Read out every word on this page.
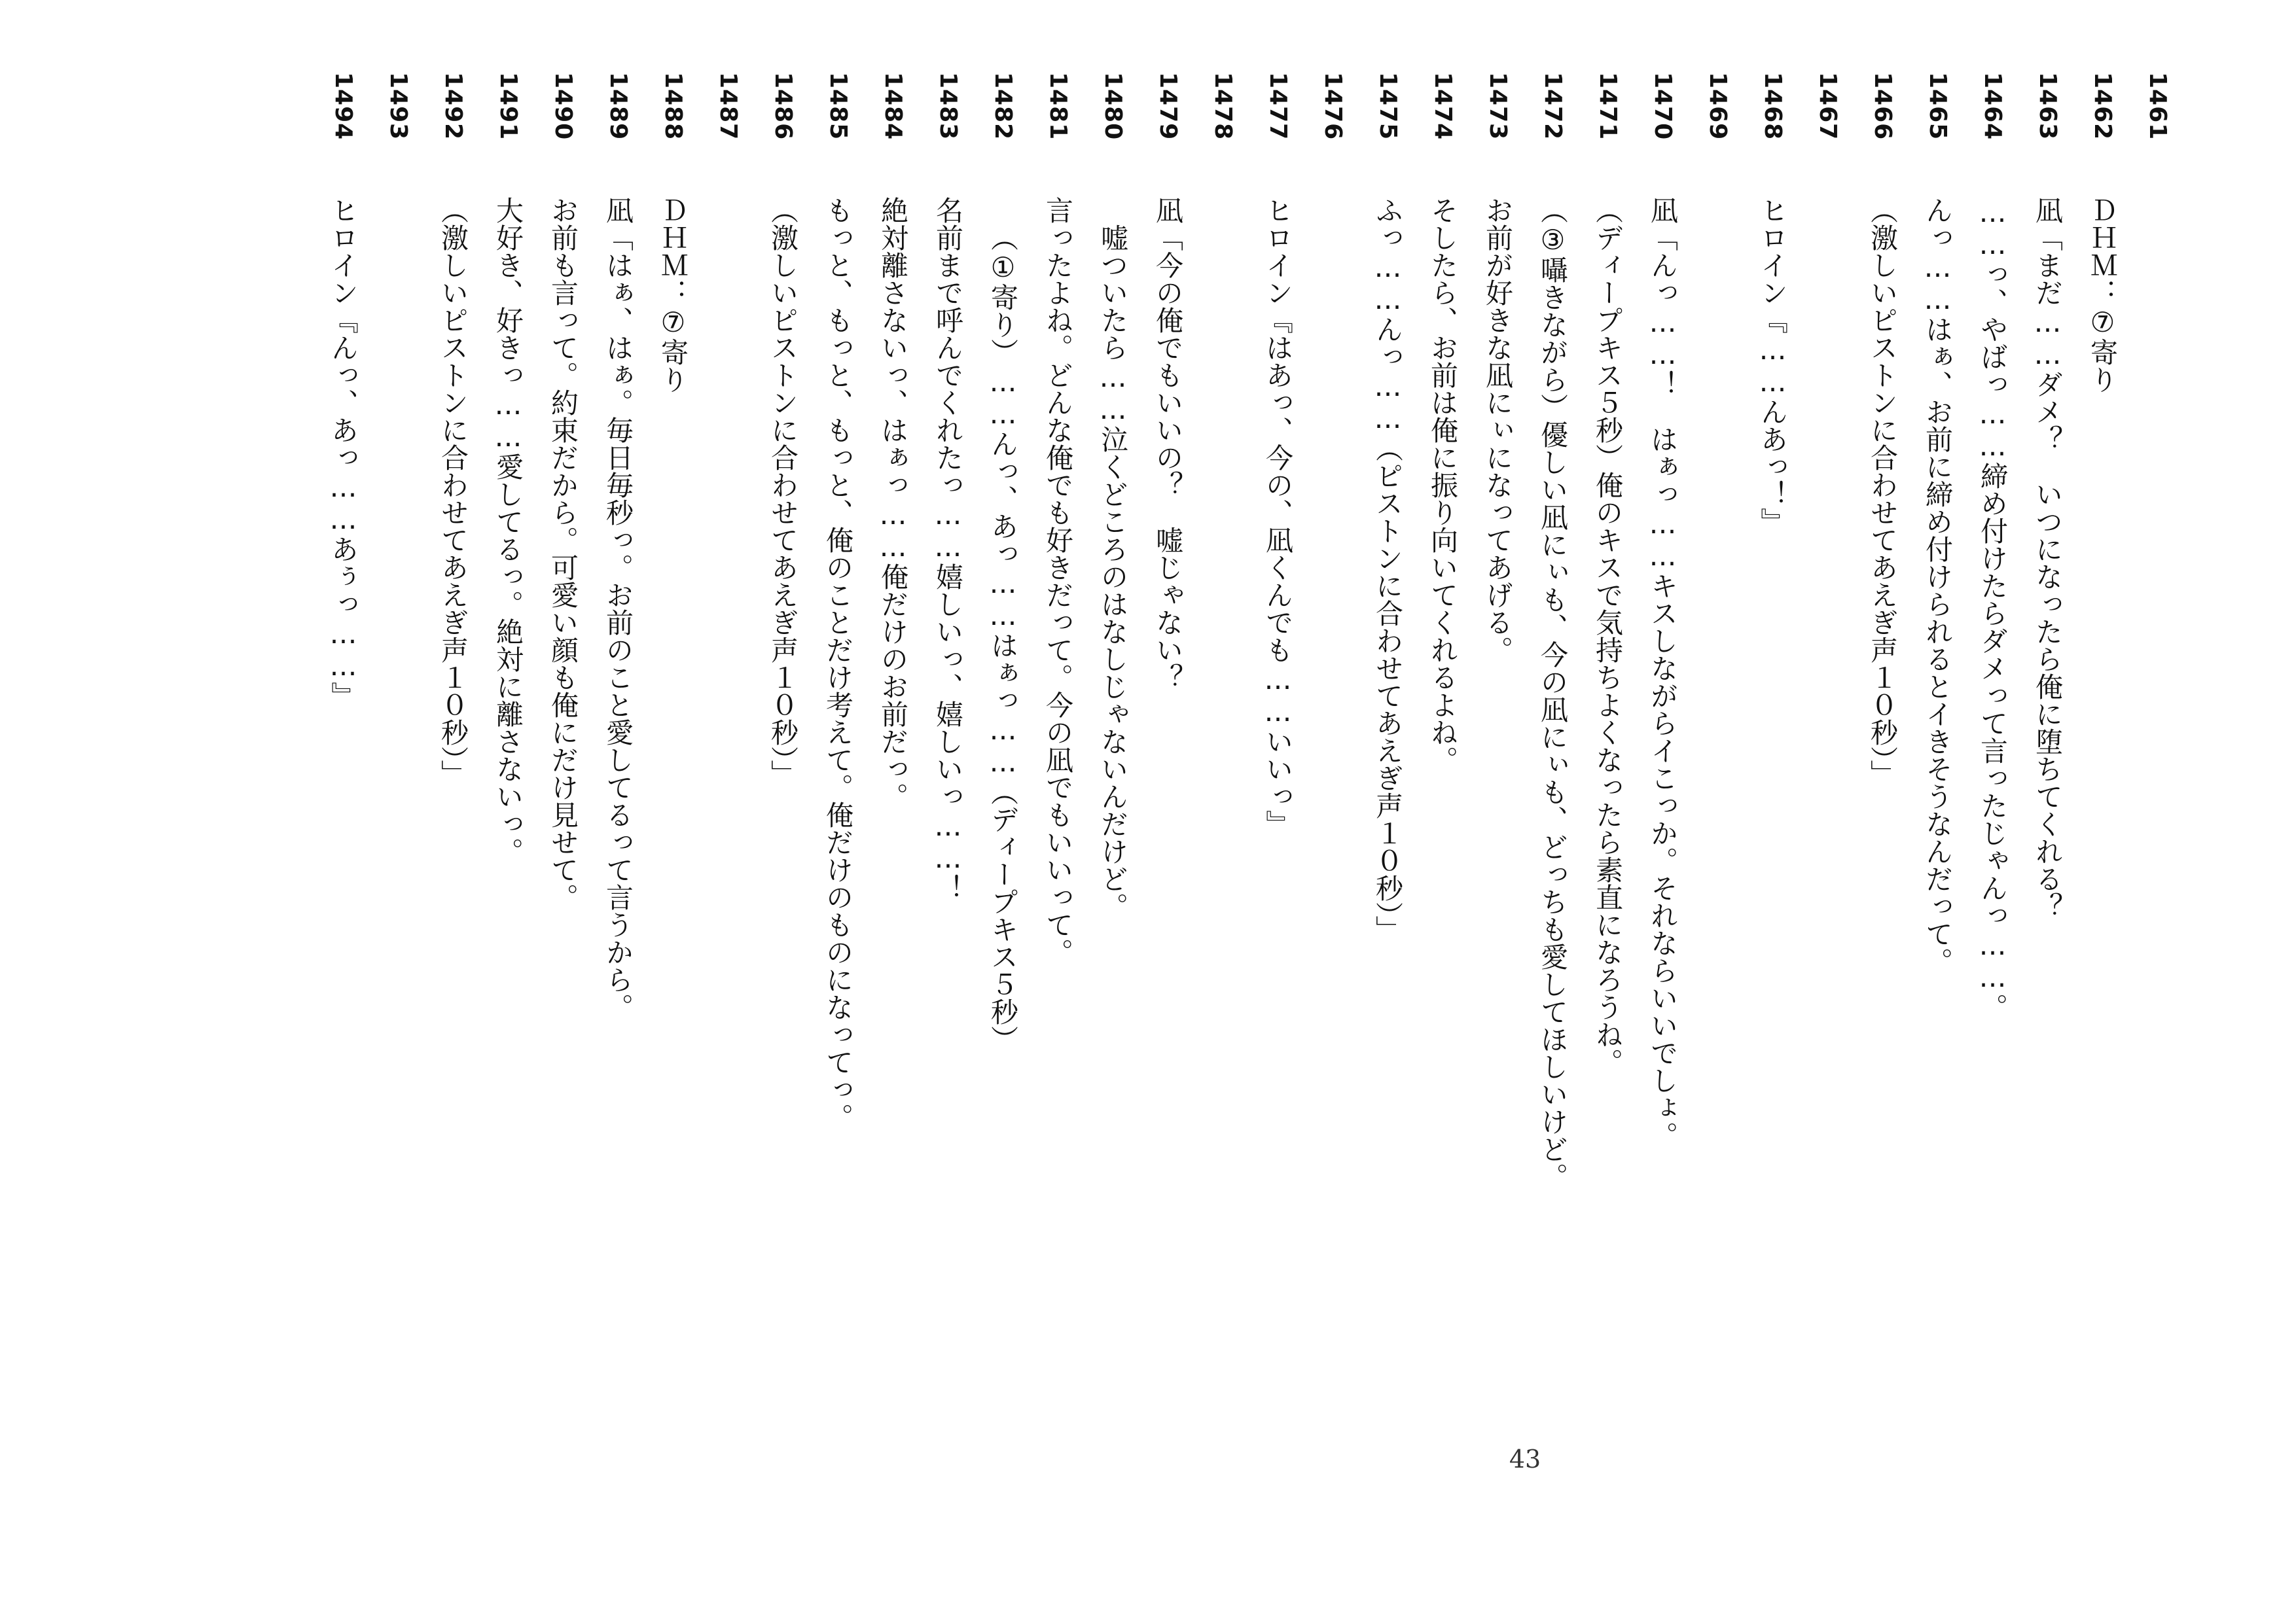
1461
1462
ＤＨＭ：⑦寄り
1463
凪「まだ……ダメ？　いつになったら俺に堕ちてくれる？
1464
……っ、やばっ……締め付けたらダメって言ったじゃんっ……。
1465
んっ……はぁ、お前に締め付けられるとイきそうなんだって。
1466
（激しいピストンに合わせてあえぎ声１０秒）」
1467
1468
ヒロイン『……んあっ！』
1469
1470
凪「んっ……！　はぁっ……キスしながらイこっか。それならいいでしょ。
1471
（ディープキス５秒）俺のキスで気持ちよくなったら素直になろうね。
1472
（③囁きながら）優しい凪にぃも、今の凪にぃも、どっちも愛してほしいけど。
1473
お前が好きな凪にぃになってあげる。
1474
そしたら、お前は俺に振り向いてくれるよね。
1475
ふっ……んっ……（ピストンに合わせてあえぎ声１０秒）」
1476
1477
ヒロイン『はあっ、今の、凪くんでも……いいっ』
1478
1479
凪「今の俺でもいいの？　嘘じゃない？
1480
嘘ついたら……泣くどころのはなしじゃないんだけど。
1481
言ったよね。どんな俺でも好きだって。今の凪でもいいって。
1482
（①寄り）……んっ、あっ……はぁっ……（ディープキス５秒）
1483
名前まで呼んでくれたっ……嬉しいっ、嬉しいっ……！
1484
絶対離さないっ、はぁっ……俺だけのお前だっ。
1485
もっと、もっと、もっと、俺のことだけ考えて。俺だけのものになってっ。
1486
（激しいピストンに合わせてあえぎ声１０秒）」
1487
1488
ＤＨＭ：⑦寄り
1489
凪「はぁ、はぁ。毎日毎秒っ。お前のこと愛してるって言うから。
1490
お前も言って。約束だから。可愛い顔も俺にだけ見せて。
1491
大好き、好きっ……愛してるっ。絶対に離さないっ。
1492
（激しいピストンに合わせてあえぎ声１０秒）」
1493
1494
ヒロイン『んっ、あっ……あぅっ……』
43
